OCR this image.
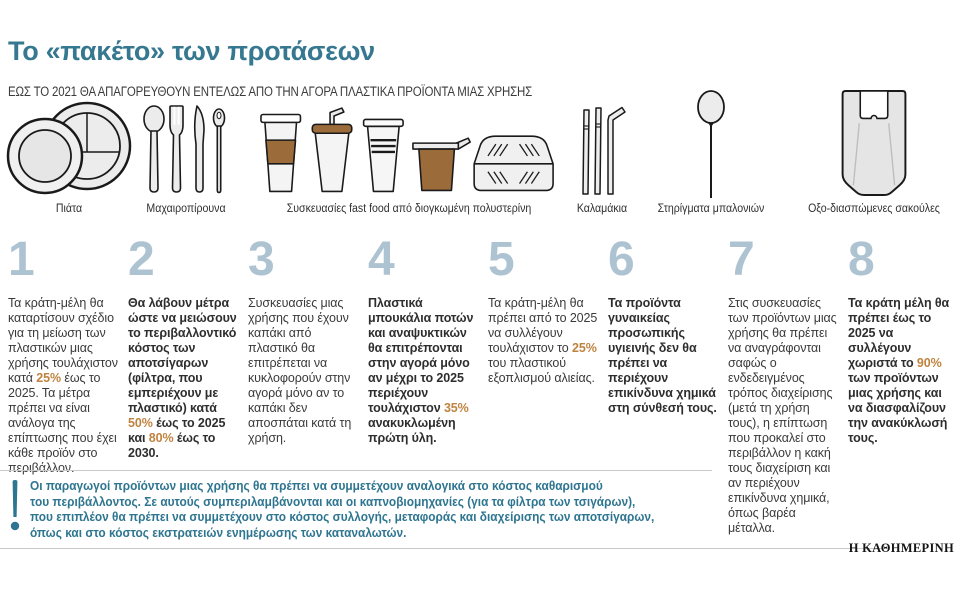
Το «πακέτο» των προτάσεων
ΕΩΣ ΤΟ 2021 ΘΑ ΑΠΑΓΟΡΕΥΘΟΥΝ ΕΝΤΕΛΩΣ ΑΠΟ ΤΗΝ ΑΓΟΡΑ ΠΛΑΣΤΙΚΑ ΠΡΟΪΟΝΤΑ ΜΙΑΣ ΧΡΗΣΗΣ
Πιάτα	Μαχαιροπίρουνα	Συσκευασίες fast food από διογκωμένη πολυστερίνη	Καλαμάκια	Στηρίγματα μπαλονιών	Οξο-διασπώμενες σακούλες
1

Τα κράτη-μέλη θα καταρτίσουν σχέδιο για τη μείωση των πλαστικών μιας χρήσης τουλάχιστον κατά 25% έως το 2025. Τα μέτρα πρέπει να είναι ανάλογα της επίπτωσης που έχει κάθε προϊόν στο περιβάλλον.

2

Θα λάβουν μέτρα ώστε να μειώσουν το περιβαλλοντικό κόστος των αποτσίγαρων (φίλτρα, που εμπεριέχουν με πλαστικό) κατά 50% έως το 2025 και 80% έως το 2030.

3

Συσκευασίες μιας χρήσης που έχουν καπάκι από πλαστικό θα επιτρέπεται να κυκλοφορούν στην αγορά μόνο αν το καπάκι δεν αποσπάται κατά τη χρήση.

4

Πλαστικά μπουκάλια ποτών και αναψυκτικών θα επιτρέπονται στην αγορά μόνο αν μέχρι το 2025 περιέχουν τουλάχιστον 35% ανακυκλωμένη πρώτη ύλη.

5

Τα κράτη-μέλη θα πρέπει από το 2025 να συλλέγουν τουλάχιστον το 25% του πλαστικού εξοπλισμού αλιείας.

6

Τα προϊόντα γυναικείας προσωπικής υγιεινής δεν θα πρέπει να περιέχουν επικίνδυνα χημικά στη σύνθεσή τους.

7

Στις συσκευασίες των προϊόντων μιας χρήσης θα πρέπει να αναγράφονται σαφώς ο ενδεδειγμένος τρόπος διαχείρισης (μετά τη χρήση τους), η επίπτωση που προκαλεί στο περιβάλλον η κακή τους διαχείριση και αν περιέχουν επικίνδυνα χημικά, όπως βαρέα μέταλλα.

8

Τα κράτη μέλη θα πρέπει έως το 2025 να συλλέγουν χωριστά το 90% των προϊόντων μιας χρήσης και να διασφαλίζουν την ανακύκλωσή τους.

Οι παραγωγοί προϊόντων μιας χρήσης θα πρέπει να συμμετέχουν αναλογικά στο κόστος καθαρισμού
του περιβάλλοντος. Σε αυτούς συμπεριλαμβάνονται και οι καπνοβιομηχανίες (για τα φίλτρα των τσιγάρων),
που επιπλέον θα πρέπει να συμμετέχουν στο κόστος συλλογής, μεταφοράς και διαχείρισης των αποτσίγαρων,
όπως και στο κόστος εκστρατειών ενημέρωσης των καταναλωτών.
Η ΚΑΘΗΜΕΡΙΝΗ
